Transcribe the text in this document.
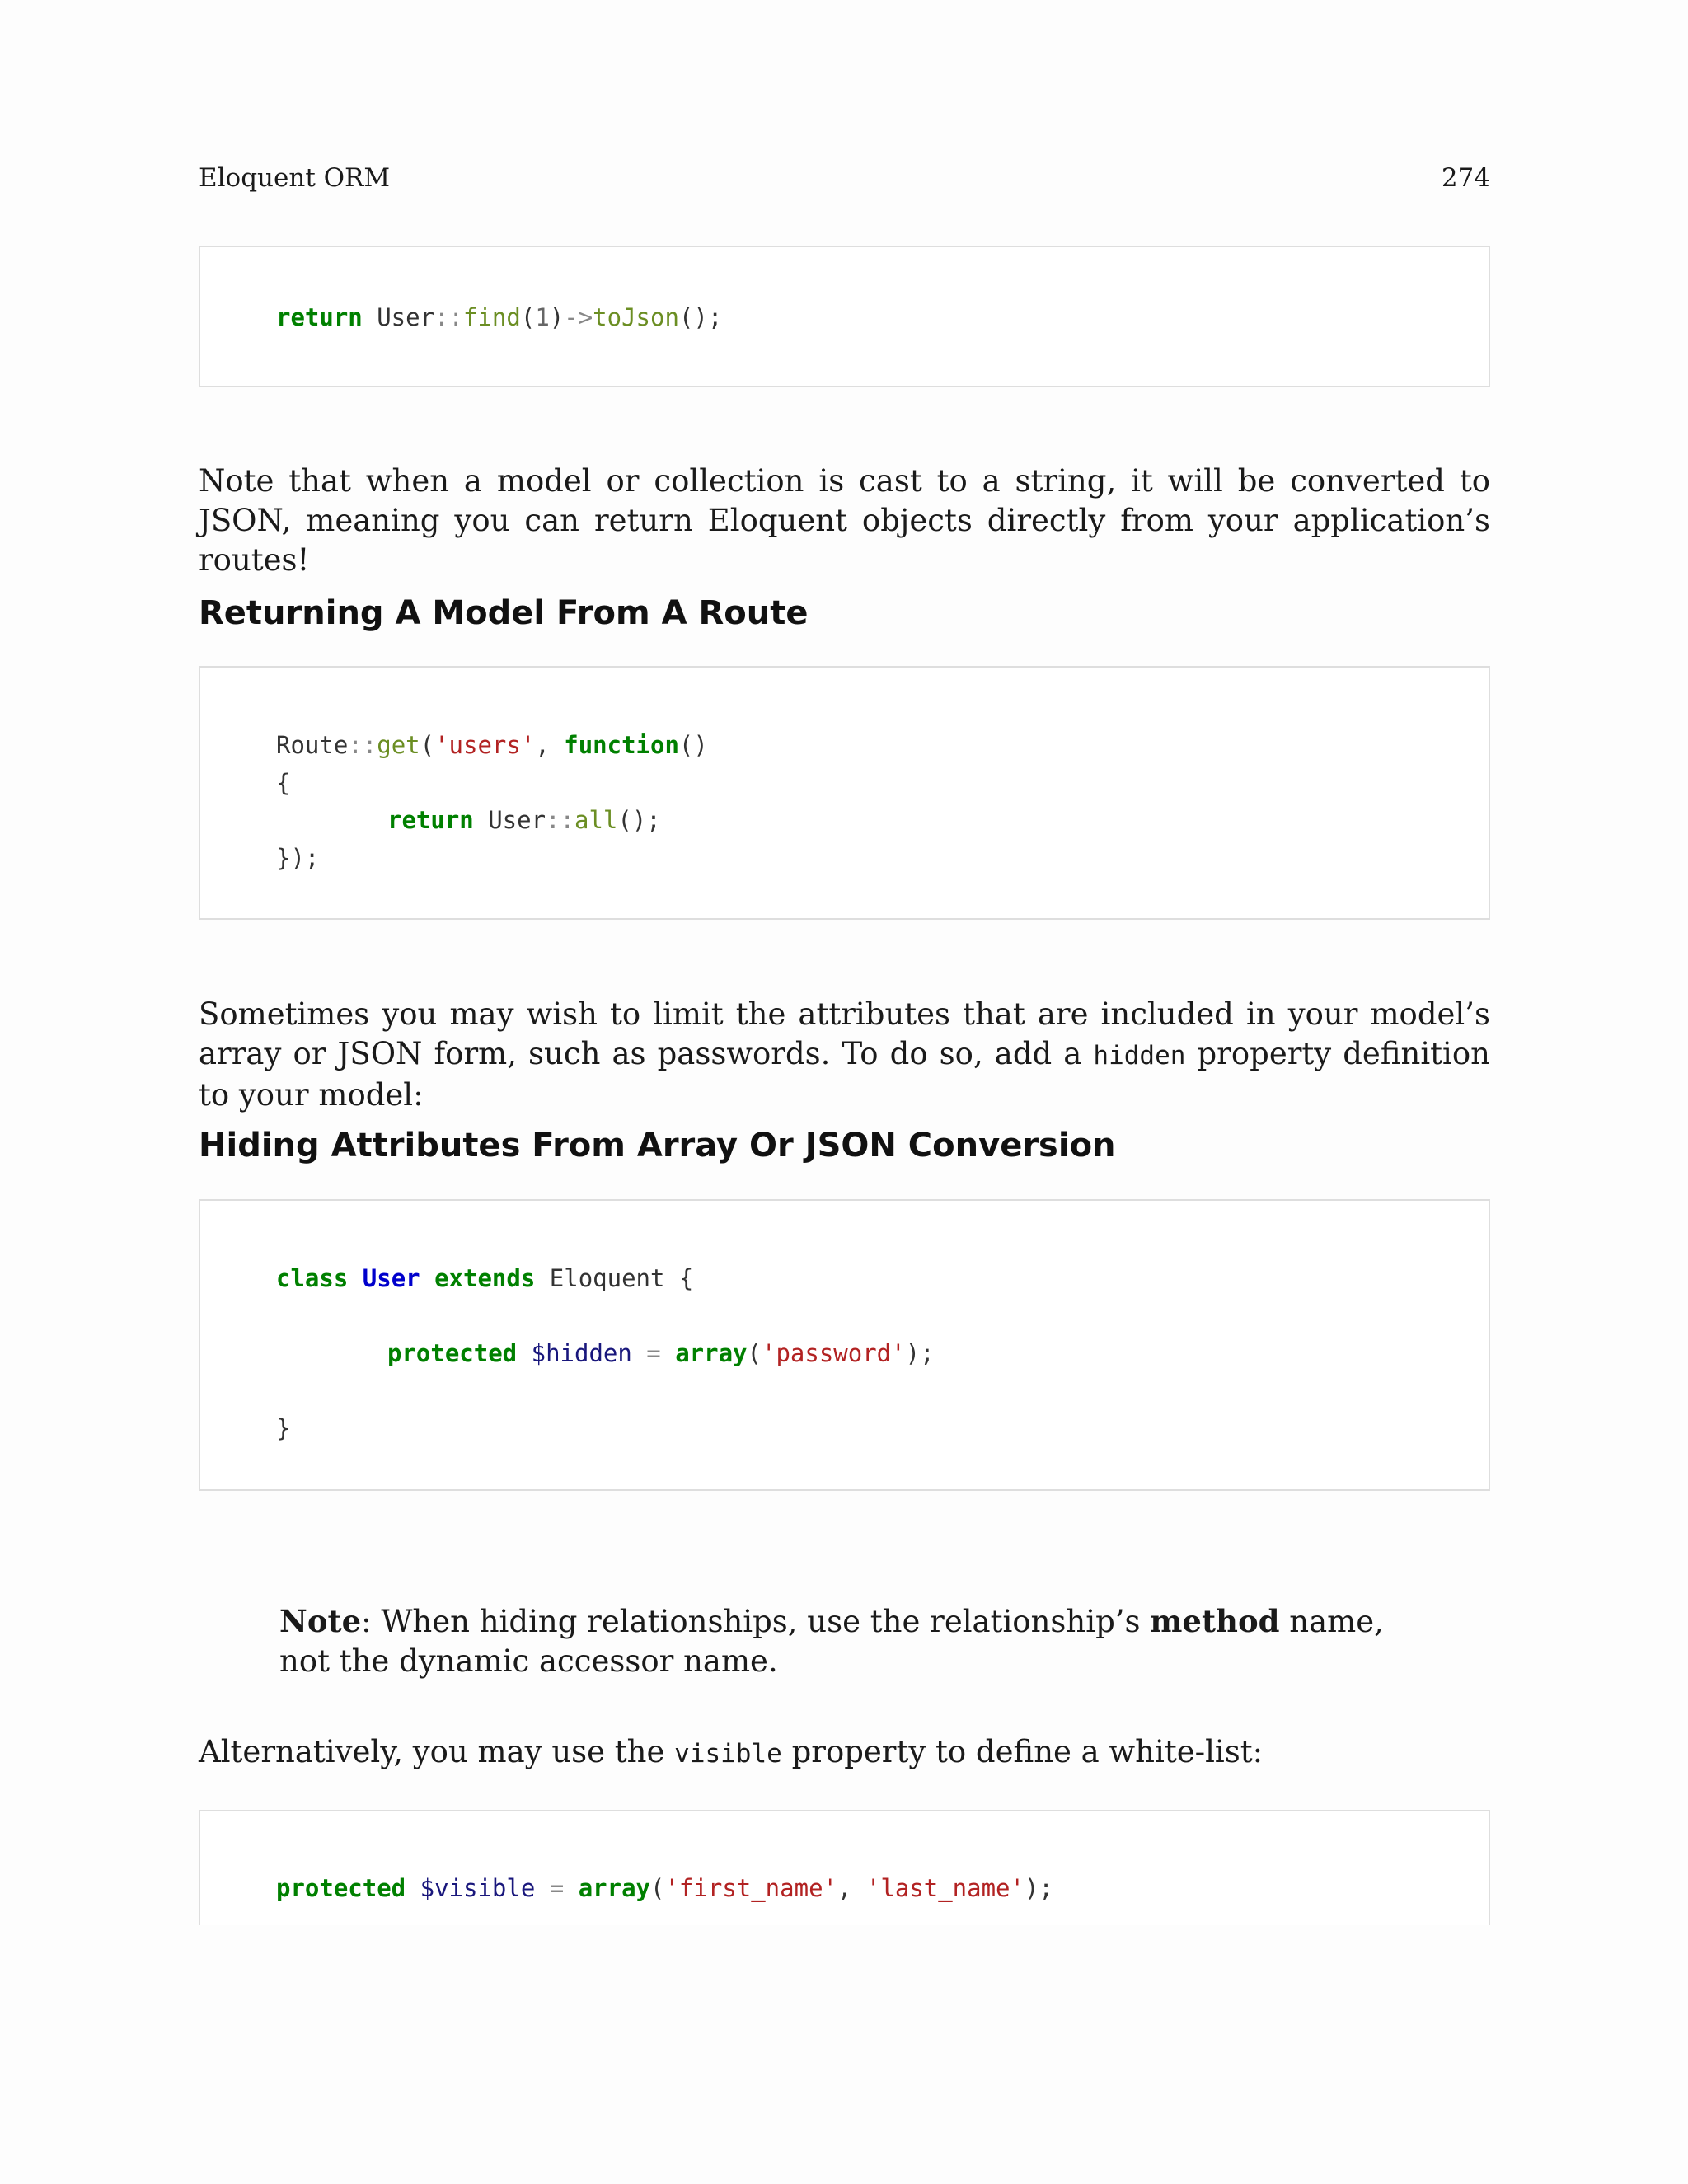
Eloquent ORM	274
return User::find(1)->toJson();

Note that when a model or collection is cast to a string, it will be converted to JSON, meaning you can return Eloquent objects directly from your application’s routes!

Returning A Model From A Route
Route::get('users', function()
{
return User::all();
});

Sometimes you may wish to limit the attributes that are included in your model’s array or JSON form, such as passwords. To do so, add a hidden property definition to your model:

Hiding Attributes From Array Or JSON Conversion
class User extends Eloquent {
protected $hidden = array('password');
}

Note: When hiding relationships, use the relationship’s method name, not the dynamic accessor name.

Alternatively, you may use the visible property to define a white-list:

protected $visible = array('first_name', 'last_name');
